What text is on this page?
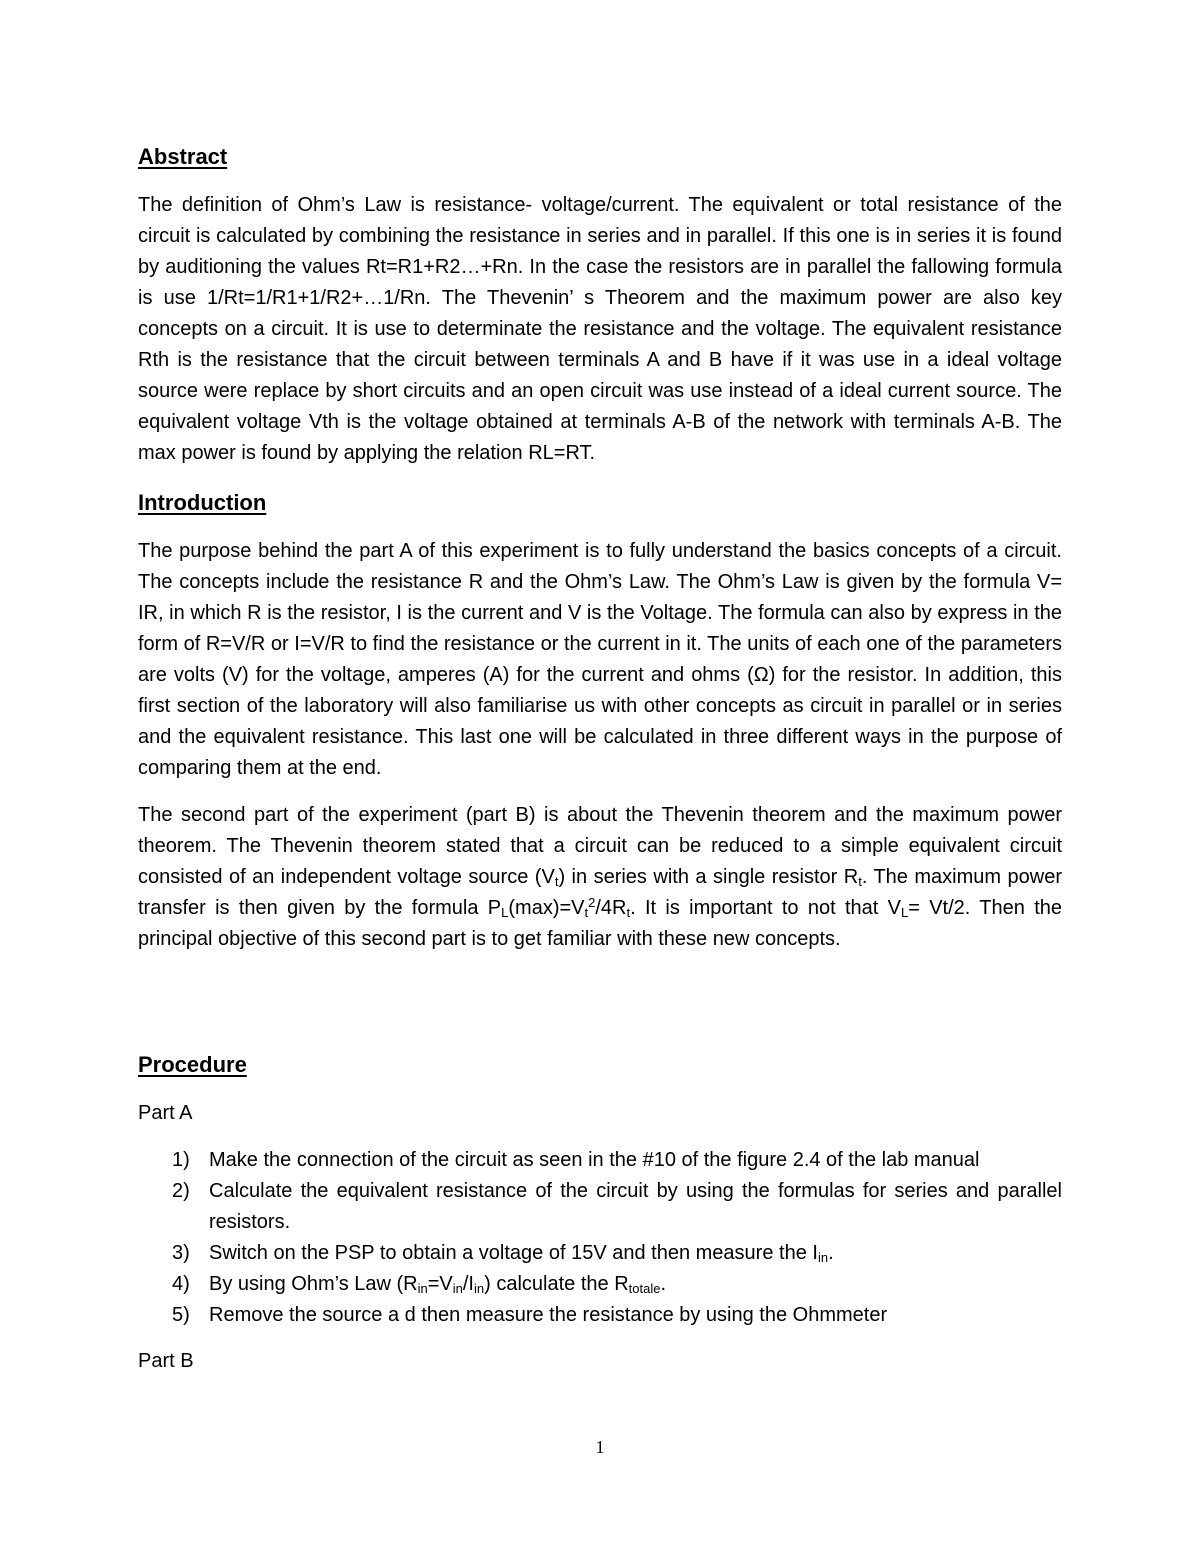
Abstract

The definition of Ohm’s Law is resistance- voltage/current. The equivalent or total resistance of the circuit is calculated by combining the resistance in series and in parallel. If this one is in series it is found by auditioning the values Rt=R1+R2…+Rn. In the case the resistors are in parallel the fallowing formula is use 1/Rt=1/R1+1/R2+…1/Rn. The Thevenin’ s Theorem and the maximum power are also key concepts on a circuit. It is use to determinate the resistance and the voltage. The equivalent resistance Rth is the resistance that the circuit between terminals A and B have if it was use in a ideal voltage source were replace by short circuits and an open circuit was use instead of a ideal current source. The equivalent voltage Vth is the voltage obtained at terminals A-B of the network with terminals A-B. The max power is found by applying the relation RL=RT.

Introduction

The purpose behind the part A of this experiment is to fully understand the basics concepts of a circuit. The concepts include the resistance R and the Ohm’s Law. The Ohm’s Law is given by the formula V= IR, in which R is the resistor, I is the current and V is the Voltage. The formula can also by express in the form of R=V/R or I=V/R to find the resistance or the current in it. The units of each one of the parameters are volts (V) for the voltage, amperes (A) for the current and ohms (Ω) for the resistor. In addition, this first section of the laboratory will also familiarise us with other concepts as circuit in parallel or in series and the equivalent resistance. This last one will be calculated in three different ways in the purpose of comparing them at the end.

The second part of the experiment (part B) is about the Thevenin theorem and the maximum power theorem. The Thevenin theorem stated that a circuit can be reduced to a simple equivalent circuit consisted of an independent voltage source $(V_t)$ in series with a single resistor $R_t$. The maximum power transfer is then given by the formula $P_L(\max)=V_t^2/4R_t$. It is important to not that $V_L= Vt/2$. Then the principal objective of this second part is to get familiar with these new concepts.

Procedure

Part A

1) Make the connection of the circuit as seen in the #10 of the figure 2.4 of the lab manual
2) Calculate the equivalent resistance of the circuit by using the formulas for series and parallel resistors.
3) Switch on the PSP to obtain a voltage of 15V and then measure the $I_{in}$.
4) By using Ohm’s Law $(R_{in}=V_{in}/I_{in})$ calculate the $R_{totale}$.
5) Remove the source a d then measure the resistance by using the Ohmmeter

Part B

1
